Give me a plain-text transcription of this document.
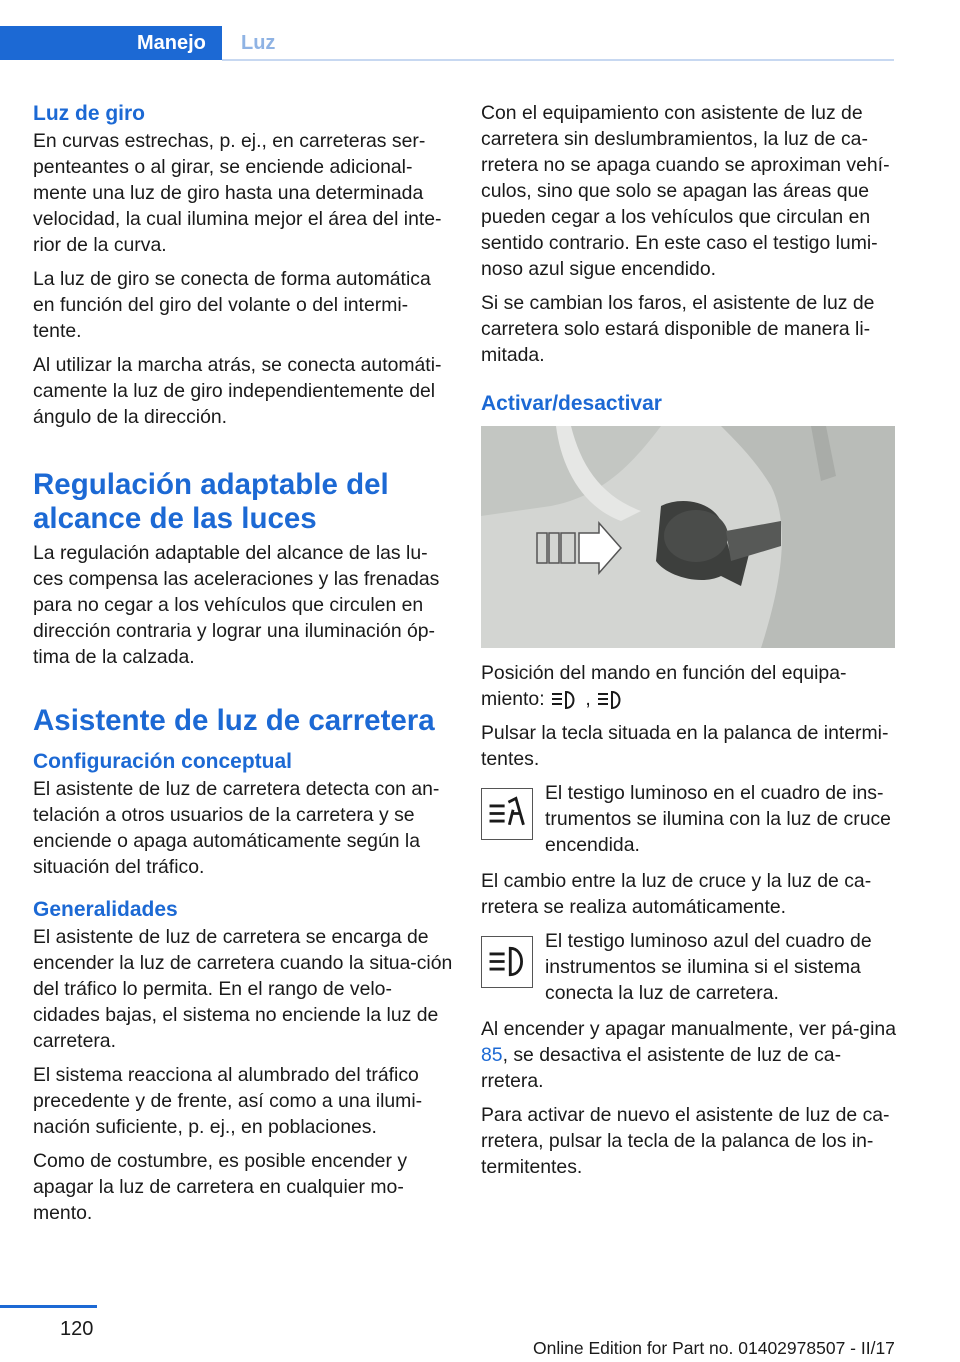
Manejo	Luz
Luz de giro

En curvas estrechas, p. ej., en carreteras ser-penteantes o al girar, se enciende adicional-mente una luz de giro hasta una determinada velocidad, la cual ilumina mejor el área del inte-rior de la curva.

La luz de giro se conecta de forma automática en función del giro del volante o del intermi-tente.

Al utilizar la marcha atrás, se conecta automáti-camente la luz de giro independientemente del ángulo de la dirección.

Regulación adaptable del alcance de las luces

La regulación adaptable del alcance de las lu-ces compensa las aceleraciones y las frenadas para no cegar a los vehículos que circulen en dirección contraria y lograr una iluminación óp-tima de la calzada.

Asistente de luz de carretera
Configuración conceptual

El asistente de luz de carretera detecta con an-telación a otros usuarios de la carretera y se enciende o apaga automáticamente según la situación del tráfico.

Generalidades

El asistente de luz de carretera se encarga de encender la luz de carretera cuando la situa-ción del tráfico lo permita. En el rango de velo-cidades bajas, el sistema no enciende la luz de carretera.

El sistema reacciona al alumbrado del tráfico precedente y de frente, así como a una ilumi-nación suficiente, p. ej., en poblaciones.

Como de costumbre, es posible encender y apagar la luz de carretera en cualquier mo-mento.

Con el equipamiento con asistente de luz de carretera sin deslumbramientos, la luz de ca-rretera no se apaga cuando se aproximan vehí-culos, sino que solo se apagan las áreas que pueden cegar a los vehículos que circulan en sentido contrario. En este caso el testigo lumi-noso azul sigue encendido.

Si se cambian los faros, el asistente de luz de carretera solo estará disponible de manera li-mitada.

Activar/desactivar

Posición del mando en función del equipa-miento: ,

Pulsar la tecla situada en la palanca de intermi-tentes.

El testigo luminoso en el cuadro de ins-trumentos se ilumina con la luz de cruce encendida.

El cambio entre la luz de cruce y la luz de ca-rretera se realiza automáticamente.

El testigo luminoso azul del cuadro de instrumentos se ilumina si el sistema conecta la luz de carretera.

Al encender y apagar manualmente, ver pá-gina 85, se desactiva el asistente de luz de ca-rretera.

Para activar de nuevo el asistente de luz de ca-rretera, pulsar la tecla de la palanca de los in-termitentes.

120
Online Edition for Part no. 01402978507 - II/17
